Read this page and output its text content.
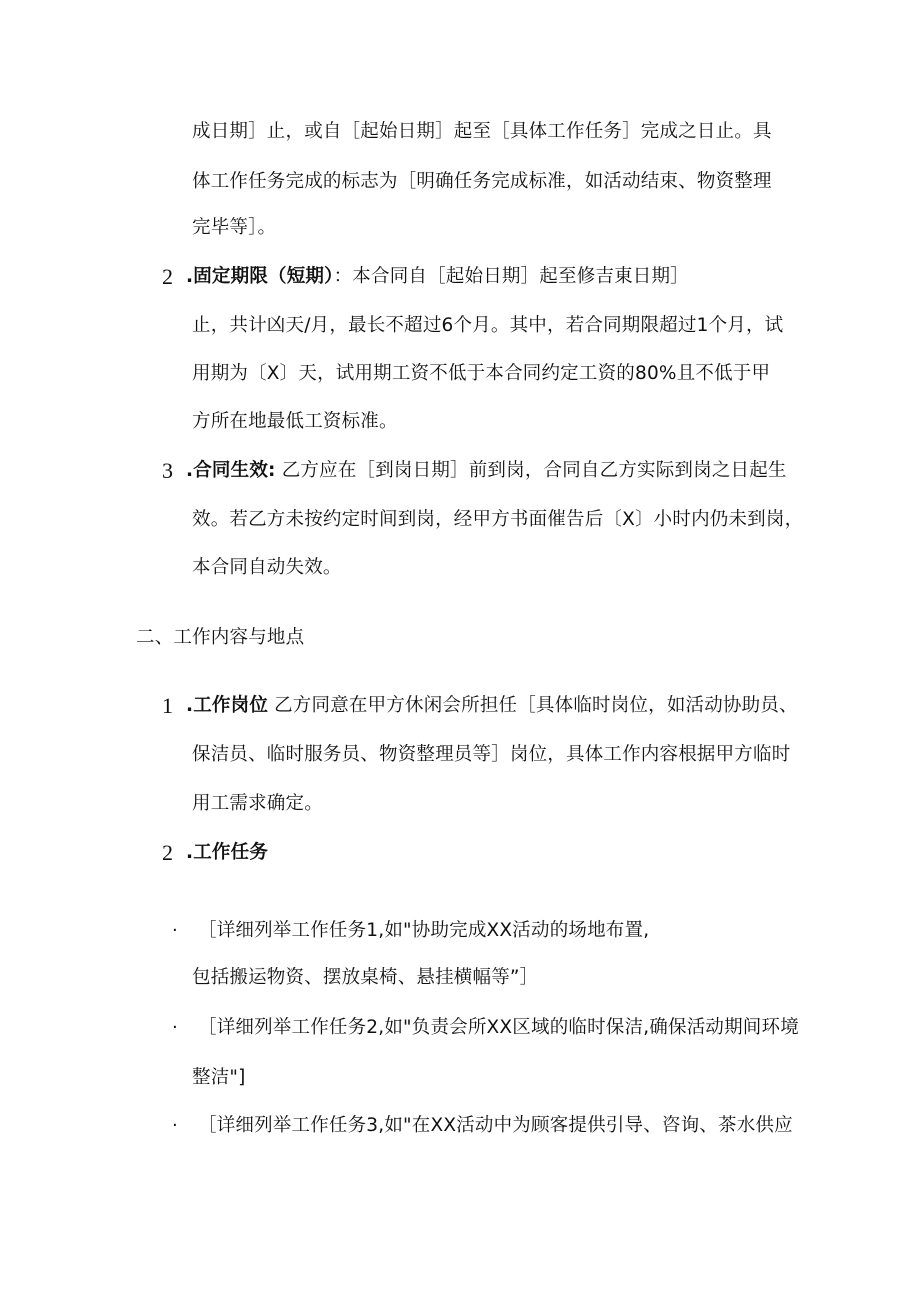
成日期］止，或自［起始日期］起至［具体工作任务］完成之日止。具
体工作任务完成的标志为［明确任务完成标准，如活动结束、物资整理
完毕等］。
2 .固定期限（短期）：本合同自［起始日期］起至修吉東日期］
止，共计凶天/月，最长不超过6个月。其中，若合同期限超过1个月，试
用期为〔X〕天，试用期工资不低于本合同约定工资的80%且不低于甲
方所在地最低工资标准。
3 .合同生效: 乙方应在［到岗日期］前到岗，合同自乙方实际到岗之日起生
效。若乙方未按约定时间到岗，经甲方书面催告后〔X〕小时内仍未到岗，
本合同自动失效。
二、工作内容与地点
1 .工作岗位 乙方同意在甲方休闲会所担任［具体临时岗位，如活动协助员、
保洁员、临时服务员、物资整理员等］岗位，具体工作内容根据甲方临时
用工需求确定。
2 .工作任务
· ［详细列举工作任务1,如"协助完成XX活动的场地布置,
包括搬运物资、摆放桌椅、悬挂横幅等”］
· ［详细列举工作任务2,如"负责会所XX区域的临时保洁,确保活动期间环境
整洁"]
· ［详细列举工作任务3,如"在XX活动中为顾客提供引导、咨询、茶水供应
